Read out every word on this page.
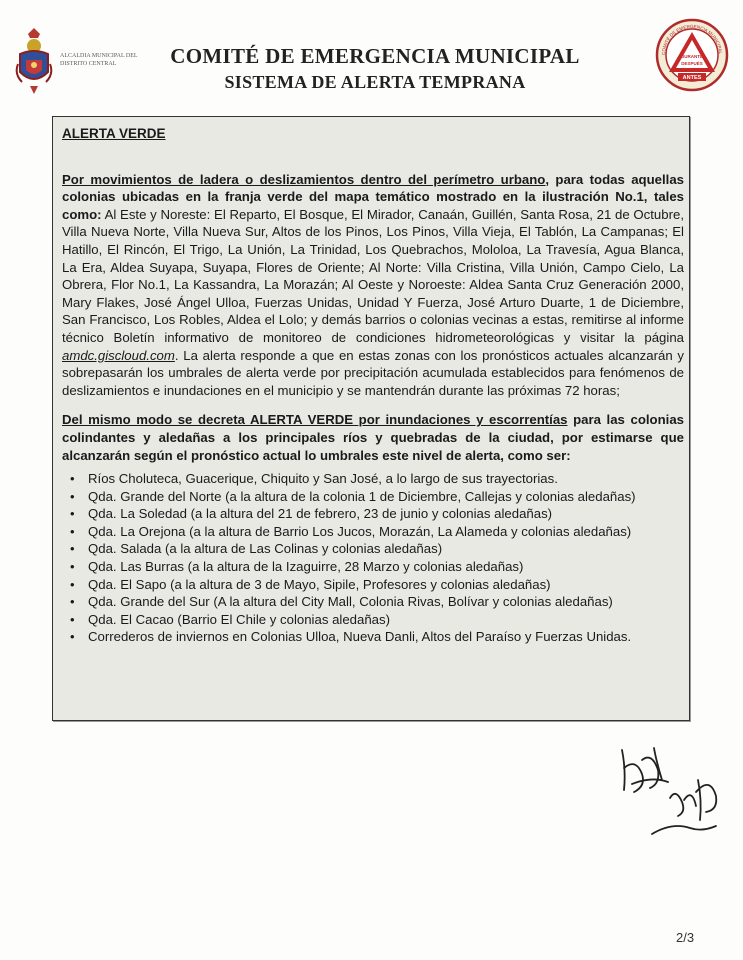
ALCALDIA MUNICIPAL DEL DISTRITO CENTRAL	COMITÉ DE EMERGENCIA MUNICIPAL
SISTEMA DE ALERTA TEMPRANA
DURANTE
DESPUÉS
ANTES
COMITÉ DE EMERGENCIA MUNICIPAL
ALERTA VERDE

Por movimientos de ladera o deslizamientos dentro del perímetro urbano, para todas aquellas colonias ubicadas en la franja verde del mapa temático mostrado en la ilustración No.1, tales como: Al Este y Noreste: El Reparto, El Bosque, El Mirador, Canaán, Guillén, Santa Rosa, 21 de Octubre, Villa Nueva Norte, Villa Nueva Sur, Altos de los Pinos, Los Pinos, Villa Vieja, El Tablón, La Campanas; El Hatillo, El Rincón, El Trigo, La Unión, La Trinidad, Los Quebrachos, Mololoa, La Travesía, Agua Blanca, La Era, Aldea Suyapa, Suyapa, Flores de Oriente; Al Norte: Villa Cristina, Villa Unión, Campo Cielo, La Obrera, Flor No.1, La Kassandra, La Morazán; Al Oeste y Noroeste: Aldea Santa Cruz Generación 2000, Mary Flakes, José Ángel Ulloa, Fuerzas Unidas, Unidad Y Fuerza, José Arturo Duarte, 1 de Diciembre, San Francisco, Los Robles, Aldea el Lolo; y demás barrios o colonias vecinas a estas, remitirse al informe técnico Boletín informativo de monitoreo de condiciones hidrometeorológicas y visitar la página amdc.giscloud.com. La alerta responde a que en estas zonas con los pronósticos actuales alcanzarán y sobrepasarán los umbrales de alerta verde por precipitación acumulada establecidos para fenómenos de deslizamientos e inundaciones en el municipio y se mantendrán durante las próximas 72 horas;

Del mismo modo se decreta ALERTA VERDE por inundaciones y escorrentías para las colonias colindantes y aledañas a los principales ríos y quebradas de la ciudad, por estimarse que alcanzarán según el pronóstico actual lo umbrales este nivel de alerta, como ser:

• Ríos Choluteca, Guacerique, Chiquito y San José, a lo largo de sus trayectorias.
• Qda. Grande del Norte (a la altura de la colonia 1 de Diciembre, Callejas y colonias aledañas)
• Qda. La Soledad (a la altura del 21 de febrero, 23 de junio y colonias aledañas)
• Qda. La Orejona (a la altura de Barrio Los Jucos, Morazán, La Alameda y colonias aledañas)
• Qda. Salada (a la altura de Las Colinas y colonias aledañas)
• Qda. Las Burras (a la altura de la Izaguirre, 28 Marzo y colonias aledañas)
• Qda. El Sapo (a la altura de 3 de Mayo, Sipile, Profesores y colonias aledañas)
• Qda. Grande del Sur (A la altura del City Mall, Colonia Rivas, Bolívar y colonias aledañas)
• Qda. El Cacao (Barrio El Chile y colonias aledañas)
• Correderos de inviernos en Colonias Ulloa, Nueva Danli, Altos del Paraíso y Fuerzas Unidas.
2/3
